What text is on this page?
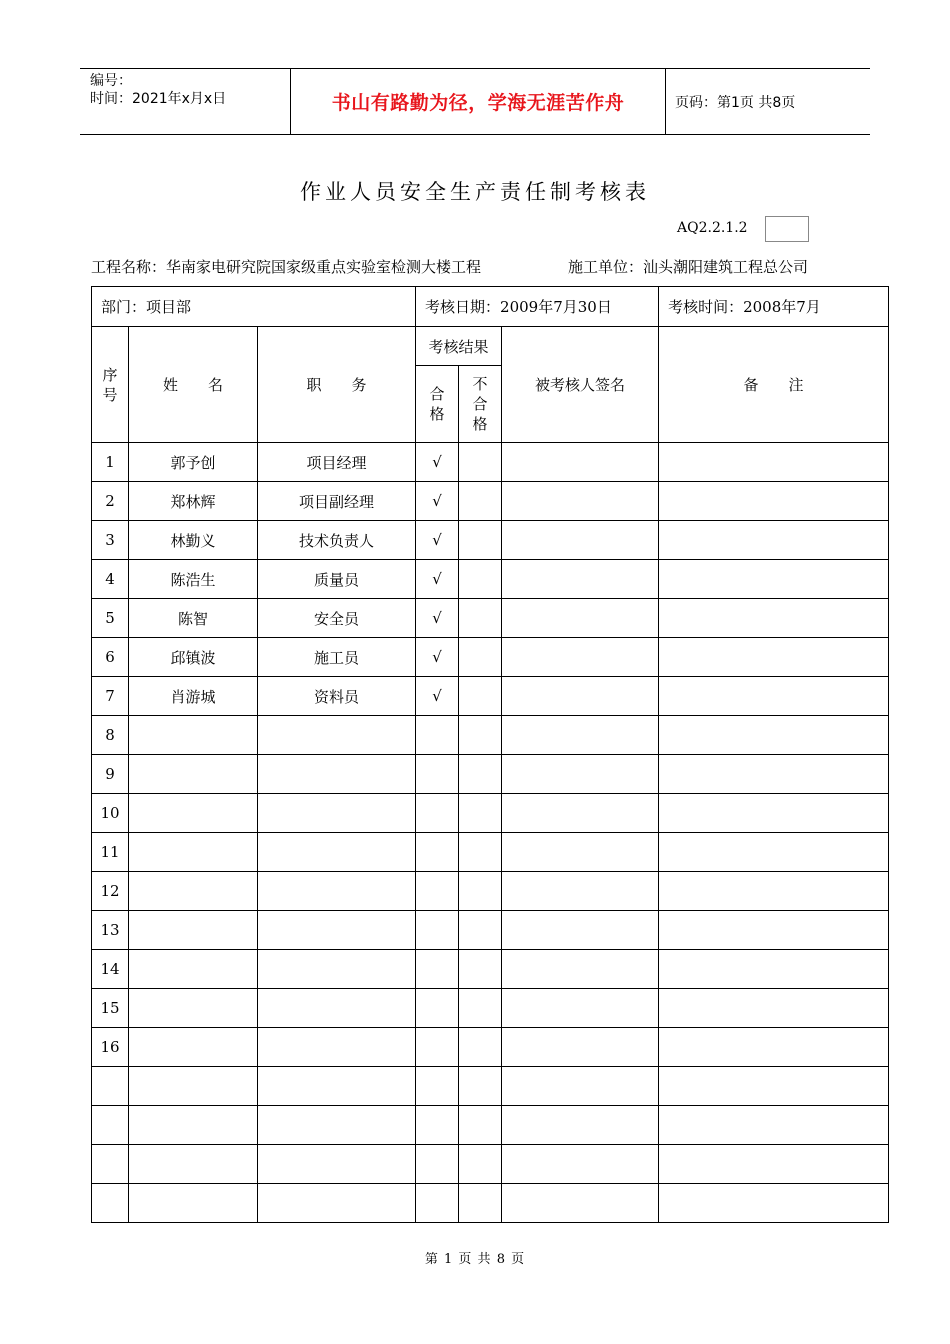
编号：
时间：2021年x月x日	书山有路勤为径，学海无涯苦作舟	页码：第1页 共8页
作业人员安全生产责任制考核表
AQ2.2.1.2
工程名称：华南家电研究院国家级重点实验室检测大楼工程	施工单位：汕头潮阳建筑工程总公司
部门：项目部			考核日期：2009年7月30日			考核时间：2008年7月
序号	姓　　名	职　　务	考核结果		被考核人签名	备　　注
			合格	不合格		
1	郭予创	项目经理	√			
2	郑林辉	项目副经理	√			
3	林勤义	技术负责人	√			
4	陈浩生	质量员	√			
5	陈智	安全员	√			
6	邱镇波	施工员	√			
7	肖游城	资料员	√			
8						
9						
10						
11						
12						
13						
14						
15						
16						

第 1 页 共 8 页
